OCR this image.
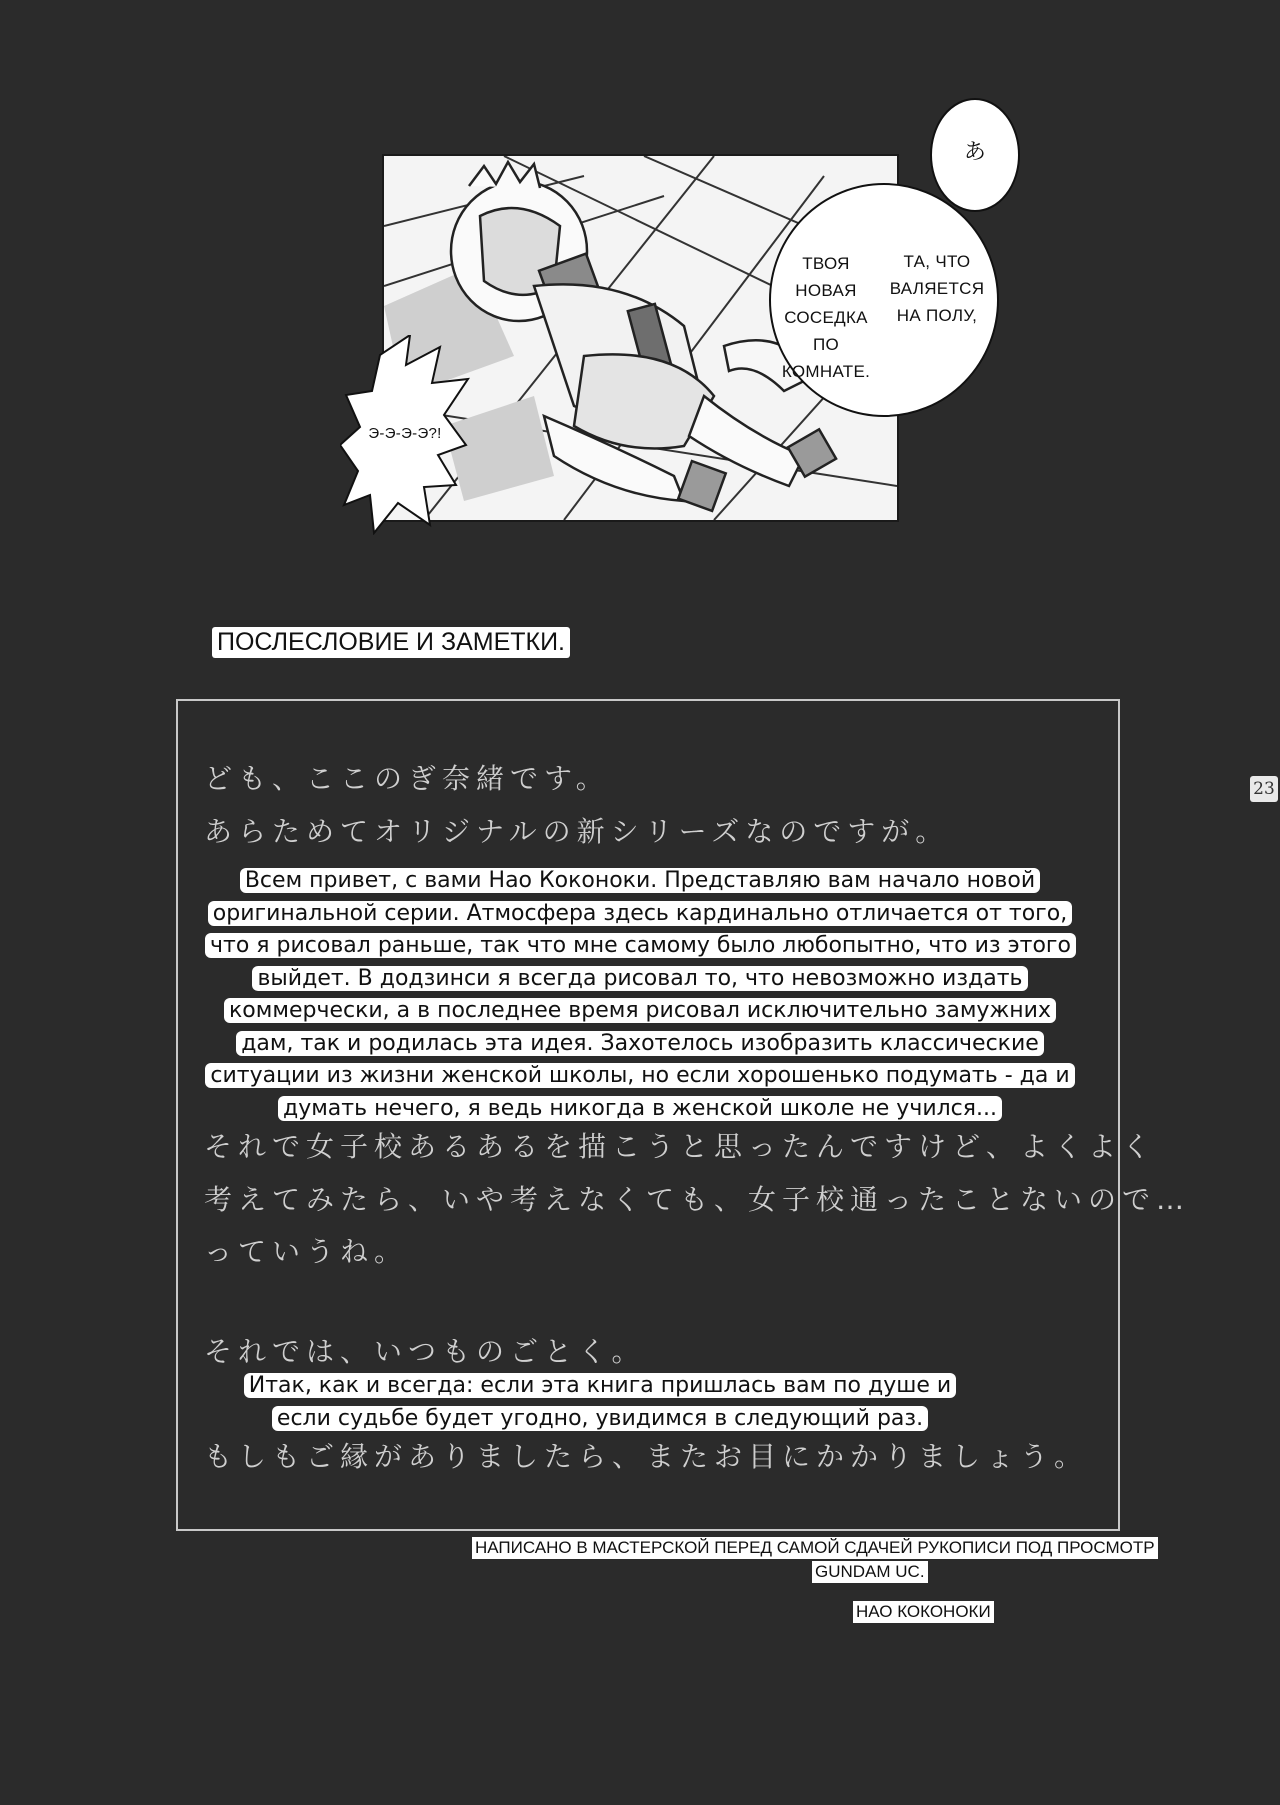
あ
ТВОЯ
НОВАЯ
СОСЕДКА
ПО
КОМНАТЕ.
ТА, ЧТО
ВАЛЯЕТСЯ
НА ПОЛУ,
Э-Э-Э-Э?!
23
ПОСЛЕСЛОВИЕ И ЗАМЕТКИ.
ども、ここのぎ奈緒です。
あらためてオリジナルの新シリーズなのですが。
それで女子校あるあるを描こうと思ったんですけど、よくよく
考えてみたら、いや考えなくても、女子校通ったことないので…
っていうね。
それでは、いつものごとく。
もしもご縁がありましたら、またお目にかかりましょう。
Всем привет, с вами Нао Коконоки. Представляю вам начало новой оригинальной серии. Атмосфера здесь кардинально отличается от того, что я рисовал раньше, так что мне самому было любопытно, что из этого выйдет. В додзинси я всегда рисовал то, что невозможно издать коммерчески, а в последнее время рисовал исключительно замужних дам, так и родилась эта идея. Захотелось изобразить классические ситуации из жизни женской школы, но если хорошенько подумать - да и думать нечего, я ведь никогда в женской школе не учился...
Итак, как и всегда: если эта книга пришлась вам по душе и если судьбе будет угодно, увидимся в следующий раз.
НАПИСАНО В МАСТЕРСКОЙ ПЕРЕД САМОЙ СДАЧЕЙ РУКОПИСИ ПОД ПРОСМОТР
GUNDAM UC.
НАО КОКОНОКИ
